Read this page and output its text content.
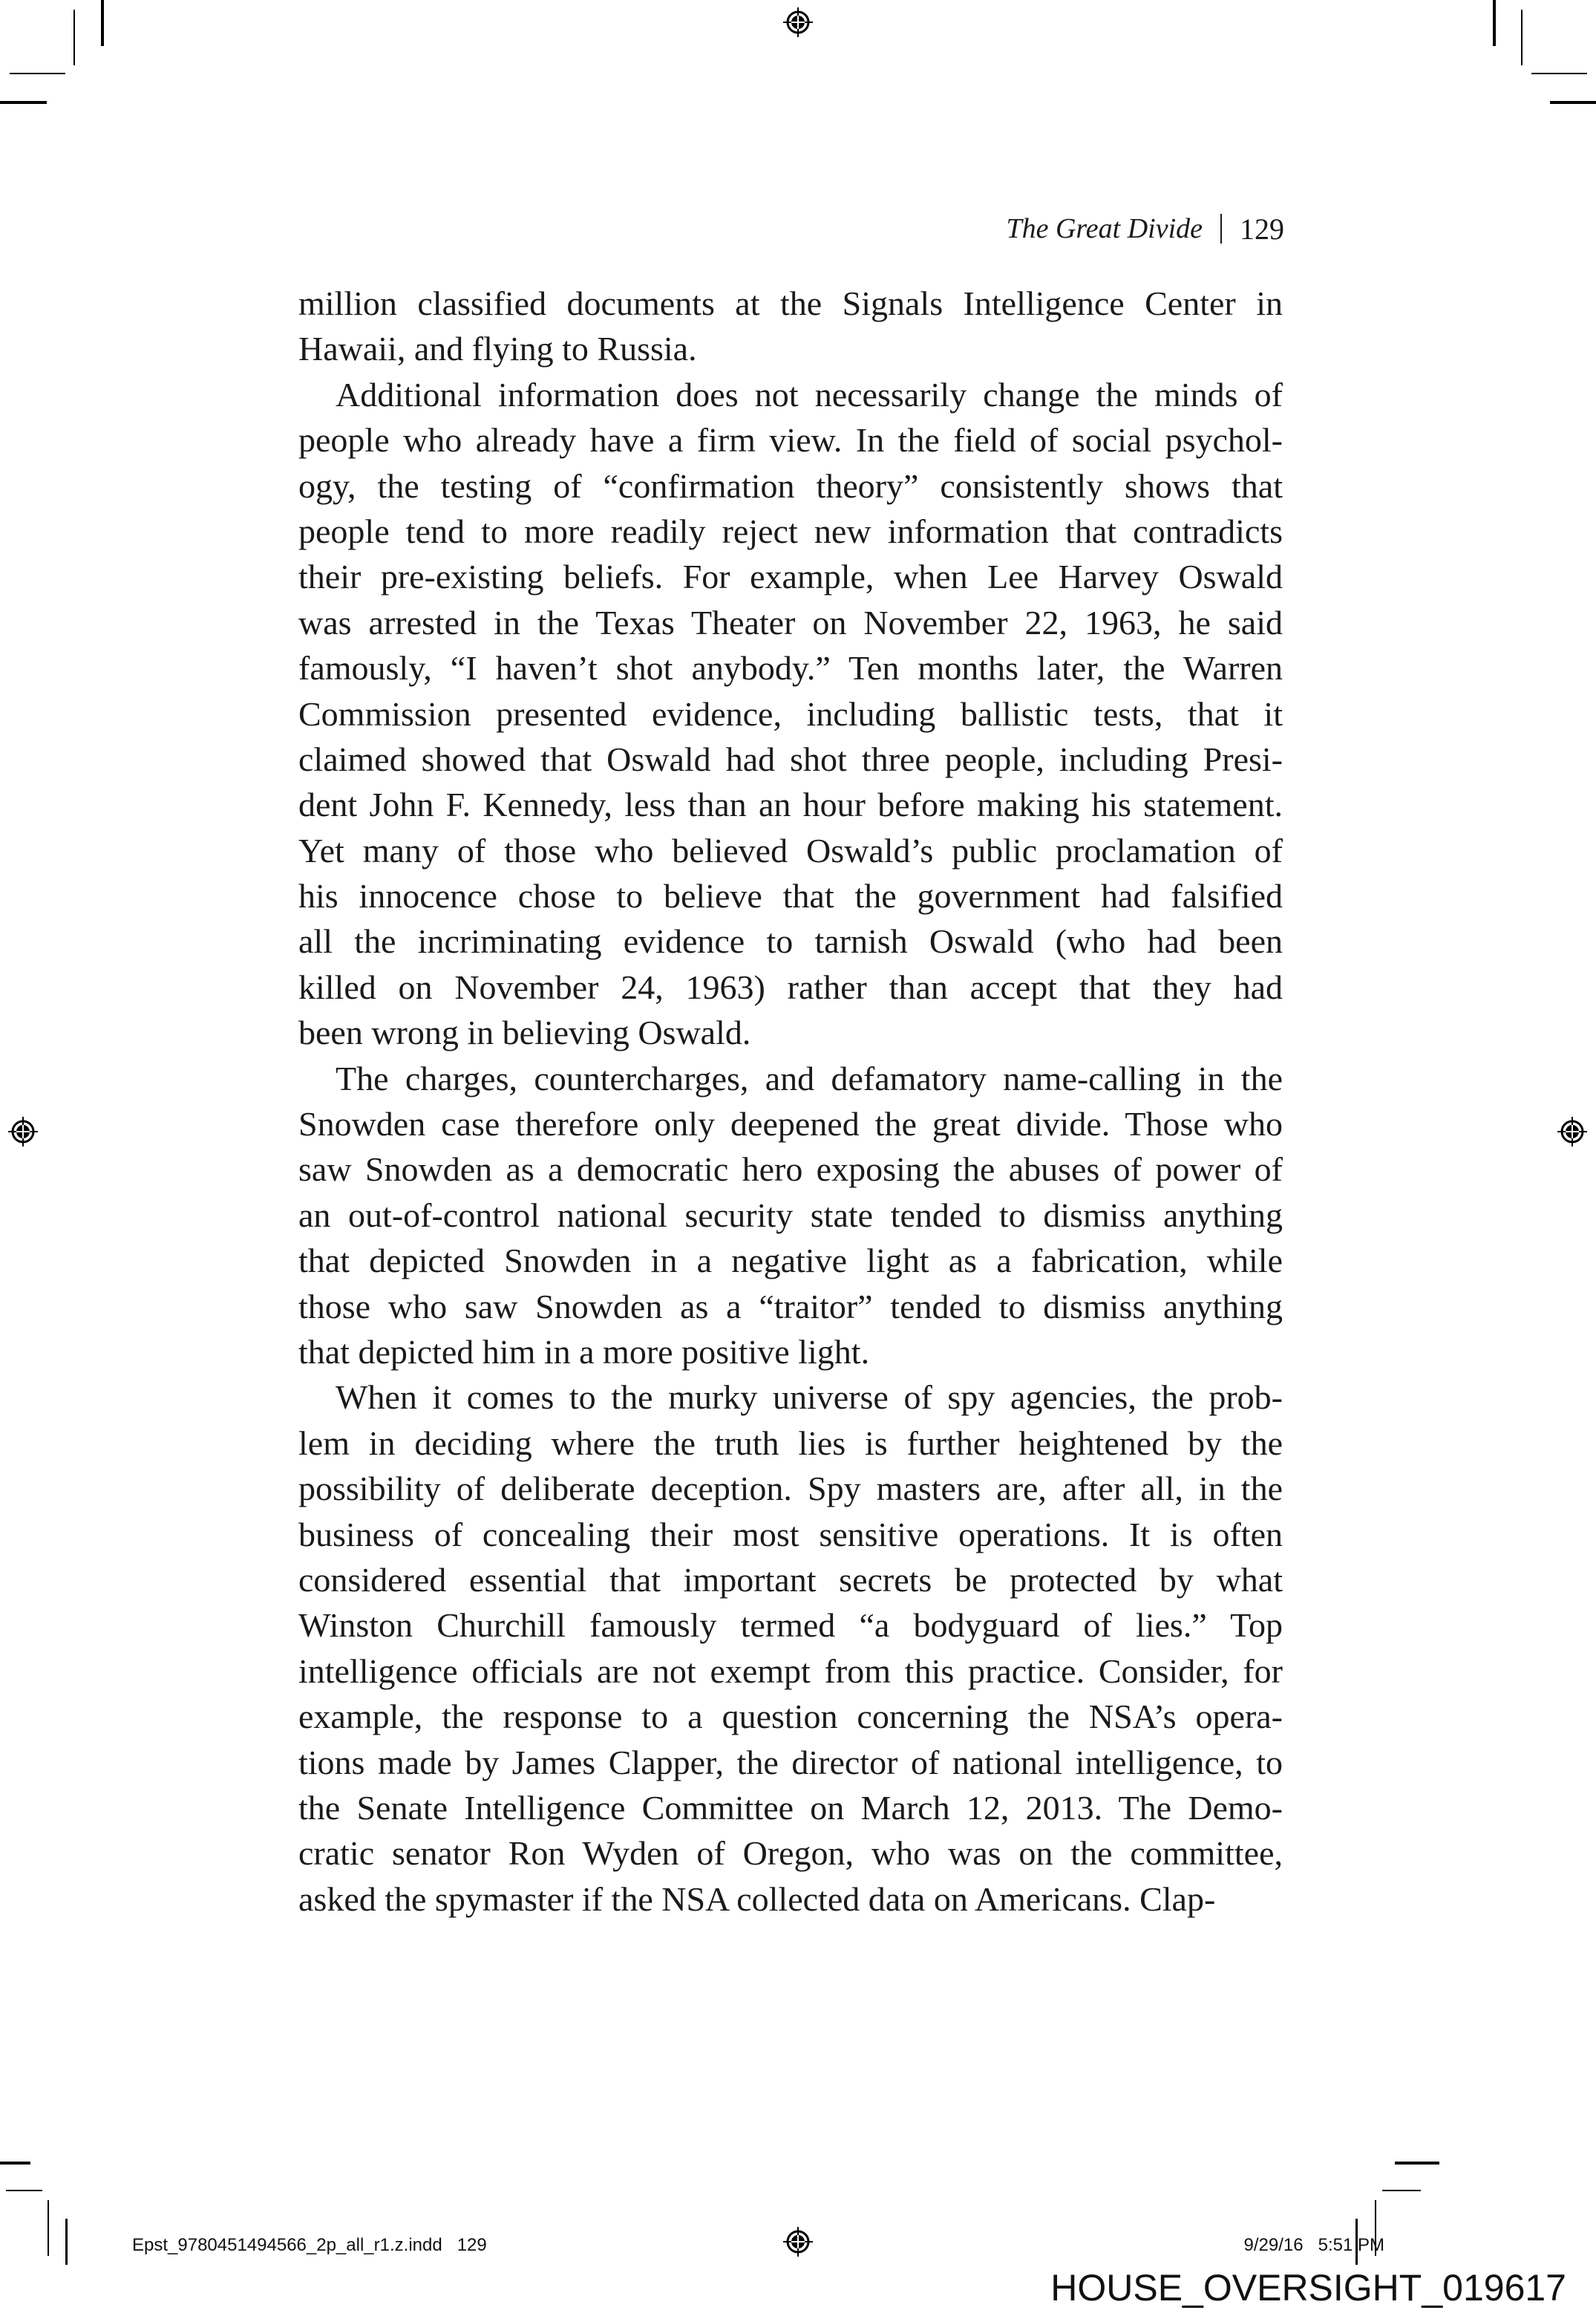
The Great Divide 129
million classified documents at the Signals Intelligence Center in
Hawaii, and flying to Russia.
Additional information does not necessarily change the minds of
people who already have a firm view. In the field of social psychol-
ogy, the testing of “confirmation theory” consistently shows that
people tend to more readily reject new information that contradicts
their pre-existing beliefs. For example, when Lee Harvey Oswald
was arrested in the Texas Theater on November 22, 1963, he said
famously, “I haven’t shot anybody.” Ten months later, the Warren
Commission presented evidence, including ballistic tests, that it
claimed showed that Oswald had shot three people, including Presi-
dent John F. Kennedy, less than an hour before making his statement.
Yet many of those who believed Oswald’s public proclamation of
his innocence chose to believe that the government had falsified
all the incriminating evidence to tarnish Oswald (who had been
killed on November 24, 1963) rather than accept that they had
been wrong in believing Oswald.
The charges, countercharges, and defamatory name-calling in the
Snowden case therefore only deepened the great divide. Those who
saw Snowden as a democratic hero exposing the abuses of power of
an out-of-control national security state tended to dismiss anything
that depicted Snowden in a negative light as a fabrication, while
those who saw Snowden as a “traitor” tended to dismiss anything
that depicted him in a more positive light.
When it comes to the murky universe of spy agencies, the prob-
lem in deciding where the truth lies is further heightened by the
possibility of deliberate deception. Spy masters are, after all, in the
business of concealing their most sensitive operations. It is often
considered essential that important secrets be protected by what
Winston Churchill famously termed “a bodyguard of lies.” Top
intelligence officials are not exempt from this practice. Consider, for
example, the response to a question concerning the NSA’s opera-
tions made by James Clapper, the director of national intelligence, to
the Senate Intelligence Committee on March 12, 2013. The Demo-
cratic senator Ron Wyden of Oregon, who was on the committee,
asked the spymaster if the NSA collected data on Americans. Clap-
Epst_9780451494566_2p_all_r1.z.indd   129	9/29/16   5:51 PM
HOUSE_OVERSIGHT_019617
